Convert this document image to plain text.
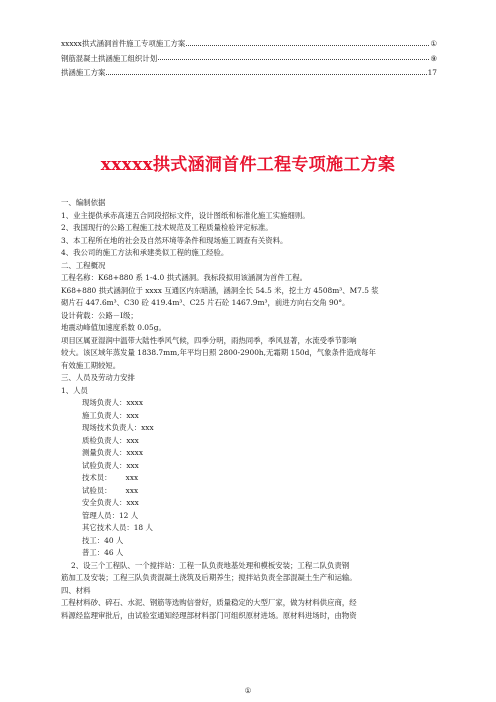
xxxxx拱式涵洞首件施工专项施工方案	①
钢筋混凝土拱涵施工组织计划	⑨
拱涵施工方案	17
xxxxx拱式涵洞首件工程专项施工方案
一、编制依据
1、业主提供承赤高速五合同段招标文件，设计图纸和标准化施工实施细则。
2、我国现行的公路工程施工技术规范及工程质量检验评定标准。
3、本工程所在地的社会及自然环境等条件和现场施工调查有关资料。
4、我公司的施工方法和承建类似工程的施工经验。
二、工程概况
工程名称：K68+880 系 1-4.0 拱式涵洞。我标段拟用该涵洞为首件工程。
K68+880 拱式涵洞位于 xxxx 互通区内东暗涵，涵洞全长 54.5 米，挖土方 4508m³、M7.5 浆
砌片石 447.6m³、C30 砼 419.4m³、C25 片石砼 1467.9m³，前进方向右交角 90°。
设计荷载：公路－Ⅰ级；
地震动峰值加速度系数 0.05g。
项目区属亚湿润中温带大陆性季风气候，四季分明，雨热同季，季风显著，水流受季节影响
较大。该区域年蒸发量 1838.7mm,年平均日照 2800-2900h,无霜期 150d，气象条件造成每年
有效施工期较短。
三、人员及劳动力安排
1、人员
现场负责人：xxxx
施工负责人：xxx
现场技术负责人：xxx
质检负责人：xxx
测量负责人：xxxx
试验负责人：xxx
技术员：      xxx
试验员：      xxx
安全负责人：xxx
管理人员：12 人
其它技术人员：18 人
技工：40 人
普工：46 人
2、设三个工程队、一个搅拌站：工程一队负责地基处理和模板安装；工程二队负责钢
筋加工及安装；工程三队负责混凝土浇筑及后期养生；搅拌站负责全部混凝土生产和运输。
四、材料
工程材料砂、碎石、水泥、钢筋等选购信誉好，质量稳定的大型厂家，做为材料供应商，经
料源经监理审批后，由试验室通知经理部材料部门可组织原材进场。原材料进场时，由物资
①
